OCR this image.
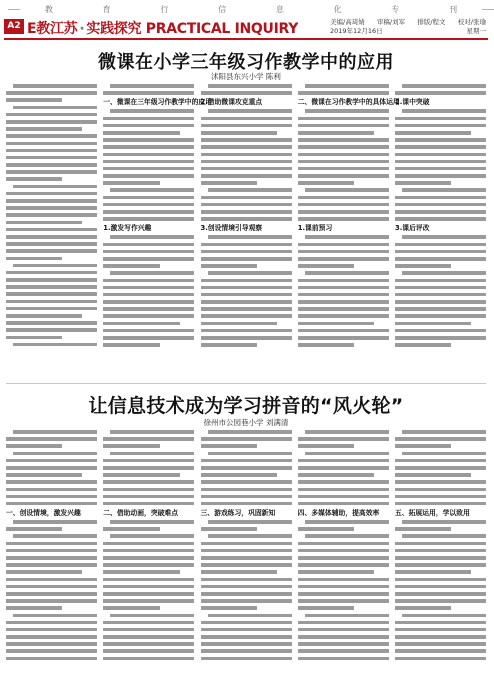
教	育	行	信	息	化	专	刊
A2 E教江苏 · 实践探究 PRACTICAL INQUIRY	美编/高琦婧 审稿/刘军 排版/程文 校对/张瑜
2019年12月16日	星期一
微课在小学三年级习作教学中的应用
沭阳县东兴小学 陈利
一、微课在三年级习作教学中的应用
1.激发写作兴趣
2.借助微课攻克重点
3.创设情境引导观察
二、微课在习作教学中的具体运用
1.课前预习
2.课中突破
3.课后评改
让信息技术成为学习拼音的“风火轮”
徐州市公园巷小学 刘满清
一、创设情境，激发兴趣	二、借助动画，突破难点	三、游戏练习，巩固新知	四、多媒体辅助，提高效率	五、拓展运用，学以致用
